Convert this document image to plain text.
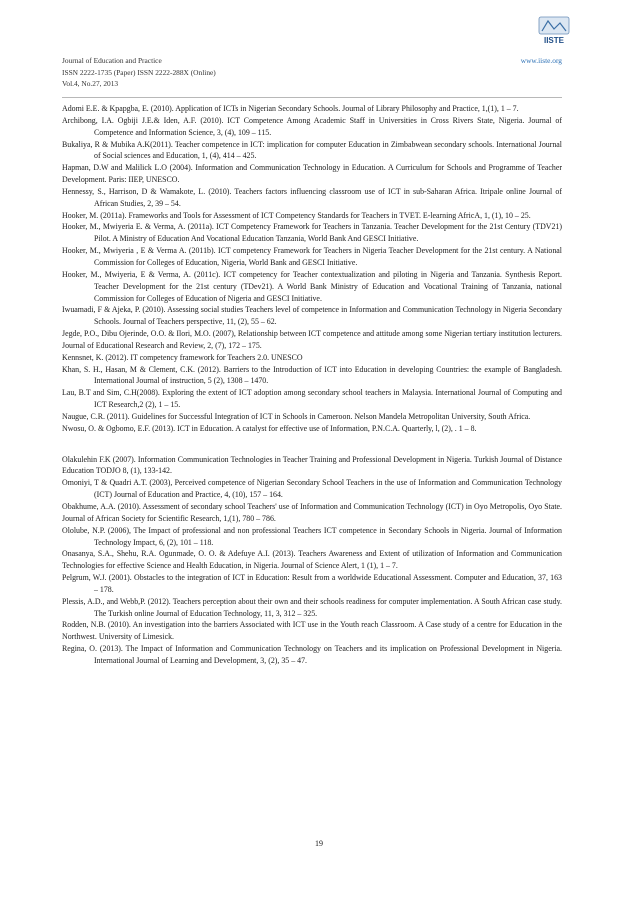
Journal of Education and Practice
ISSN 2222-1735 (Paper) ISSN 2222-288X (Online)
Vol.4, No.27, 2013
www.iiste.org
IISTE

Adomi E.E. & Kpapgba, E. (2010). Application of ICTs in Nigerian Secondary Schools. Journal of Library Philosophy and Practice, 1,(1), 1 – 7.

Archibong, I.A. Ogbiji J.E.& Iden, A.F. (2010). ICT Competence Among Academic Staff in Universities in Cross Rivers State, Nigeria. Journal of Competence and Information Science, 3, (4), 109 – 115.

Bukaliya, R & Mubika A.K(2011). Teacher competence in ICT: implication for computer Education in Zimbabwean secondary schools. International Journal of Social sciences and Education, 1, (4), 414 – 425.

Hapman, D.W and Malilick L.O (2004). Information and Communication Technology in Education. A Curriculum for Schools and Programme of Teacher Development. Paris: IIEP, UNESCO.

Hennessy, S., Harrison, D & Wamakote, L. (2010). Teachers factors influencing classroom use of ICT in sub-Saharan Africa. Itripale online Journal of African Studies, 2, 39 – 54.

Hooker, M. (2011a). Frameworks and Tools for Assessment of ICT Competency Standards for Teachers in TVET. E-learning AfricA, 1, (1), 10 – 25.

Hooker, M., Mwiyeria E. & Verma, A. (2011a). ICT Competency Framework for Teachers in Tanzania. Teacher Development for the 21st Century (TDV21) Pilot. A Ministry of Education And Vocational Education Tanzania, World Bank And GESCI Initiative.

Hooker, M., Mwiyeria , E & Verma A. (2011b). ICT competency Framework for Teachers in Nigeria Teacher Development for the 21st century. A National Commission for Colleges of Education, Nigeria, World Bank and GESCI Initiative.

Hooker, M., Mwiyeria, E & Verma, A. (2011c). ICT competency for Teacher contextualization and piloting in Nigeria and Tanzania. Synthesis Report. Teacher Development for the 21st century (TDev21). A World Bank Ministry of Education and Vocational Training of Tanzania, national Commission for Colleges of Education of Nigeria and GESCI Initiative.

Iwuamadi, F & Ajeka, P. (2010). Assessing social studies Teachers level of competence in Information and Communication Technology in Nigeria Secondary Schools. Journal of Teachers perspective, 11, (2), 55 – 62.

Jegde, P.O., Dibu Ojerinde, O.O. & Ilori, M.O. (2007), Relationship between ICT competence and attitude among some Nigerian tertiary institution lecturers. Journal of Educational Research and Review, 2, (7), 172 – 175.

Kennsnet, K. (2012). IT competency framework for Teachers 2.0. UNESCO

Khan, S. H., Hasan, M & Clement, C.K. (2012). Barriers to the Introduction of ICT into Education in developing Countries: the example of Bangladesh. International Journal of instruction, 5 (2), 1308 – 1470.

Lau, B.T and Sim, C.H(2008). Exploring the extent of ICT adoption among secondary school teachers in Malaysia. International Journal of Computing and ICT Research,2 (2), 1 – 15.

Naugue, C.R. (2011). Guidelines for Successful Integration of ICT in Schools in Cameroon. Nelson Mandela Metropolitan University, South Africa.

Nwosu, O. & Ogbomo, E.F. (2013). ICT in Education. A catalyst for effective use of Information, P.N.C.A. Quarterly, l, (2), . 1 – 8.

Olakulehin F.K (2007). Information Communication Technologies in Teacher Training and Professional Development in Nigeria. Turkish Journal of Distance Education TODJO 8, (1), 133-142.

Omoniyi, T & Quadri A.T. (2003), Perceived competence of Nigerian Secondary School Teachers in the use of Information and Communication Technology (ICT) Journal of Education and Practice, 4, (10), 157 – 164.

Obakhume, A.A. (2010). Assessment of secondary school Teachers' use of Information and Communication Technology (ICT) in Oyo Metropolis, Oyo State. Journal of African Society for Scientific Research, 1,(1), 780 – 786.

Ololube, N.P. (2006), The Impact of professional and non professional Teachers ICT competence in Secondary Schools in Nigeria. Journal of Information Technology Impact, 6, (2), 101 – 118.

Onasanya, S.A., Shehu, R.A. Ogunmade, O. O. & Adefuye A.I. (2013). Teachers Awareness and Extent of utilization of Information and Communication Technologies for effective Science and Health Education, in Nigeria. Journal of Science Alert, 1 (1), 1 – 7.

Pelgrum, W.J. (2001). Obstacles to the integration of ICT in Education: Result from a worldwide Educational Assessment. Computer and Education, 37, 163 – 178.

Plessis, A.D., and Webb,P. (2012). Teachers perception about their own and their schools readiness for computer implementation. A South African case study. The Turkish online Journal of Education Technology, 11, 3, 312 – 325.

Rodden, N.B. (2010). An investigation into the barriers Associated with ICT use in the Youth reach Classroom. A Case study of a centre for Education in the Northwest. University of Limesick.

Regina, O. (2013). The Impact of Information and Communication Technology on Teachers and its implication on Professional Development in Nigeria. International Journal of Learning and Development, 3, (2), 35 – 47.

19
